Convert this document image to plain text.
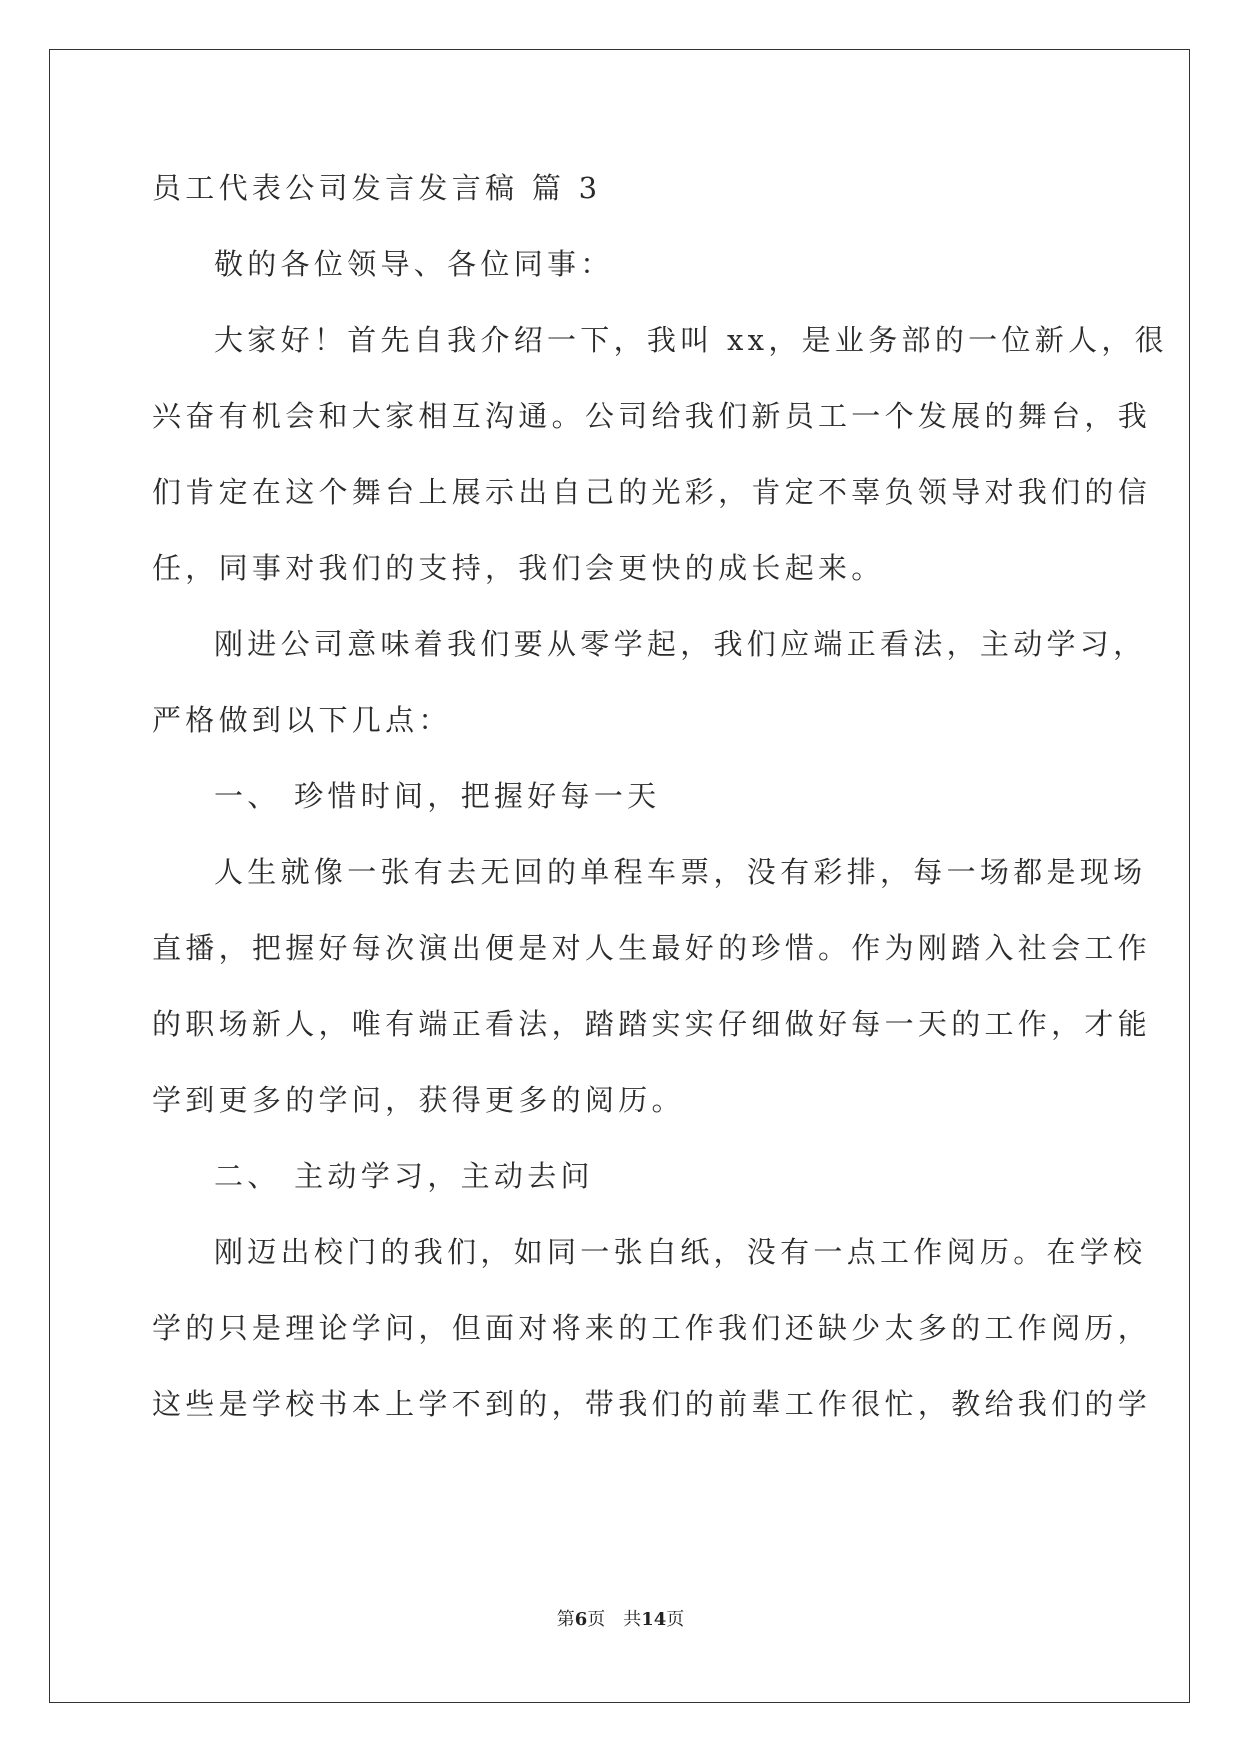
员工代表公司发言发言稿 篇 3
敬的各位领导、各位同事：
大家好！首先自我介绍一下，我叫 xx，是业务部的一位新人，很
兴奋有机会和大家相互沟通。公司给我们新员工一个发展的舞台，我
们肯定在这个舞台上展示出自己的光彩，肯定不辜负领导对我们的信
任，同事对我们的支持，我们会更快的成长起来。
刚进公司意味着我们要从零学起，我们应端正看法，主动学习，
严格做到以下几点：
一、 珍惜时间，把握好每一天
人生就像一张有去无回的单程车票，没有彩排，每一场都是现场
直播，把握好每次演出便是对人生最好的珍惜。作为刚踏入社会工作
的职场新人，唯有端正看法，踏踏实实仔细做好每一天的工作，才能
学到更多的学问，获得更多的阅历。
二、 主动学习，主动去问
刚迈出校门的我们，如同一张白纸，没有一点工作阅历。在学校
学的只是理论学问，但面对将来的工作我们还缺少太多的工作阅历，
这些是学校书本上学不到的，带我们的前辈工作很忙，教给我们的学
第6页 共14页
